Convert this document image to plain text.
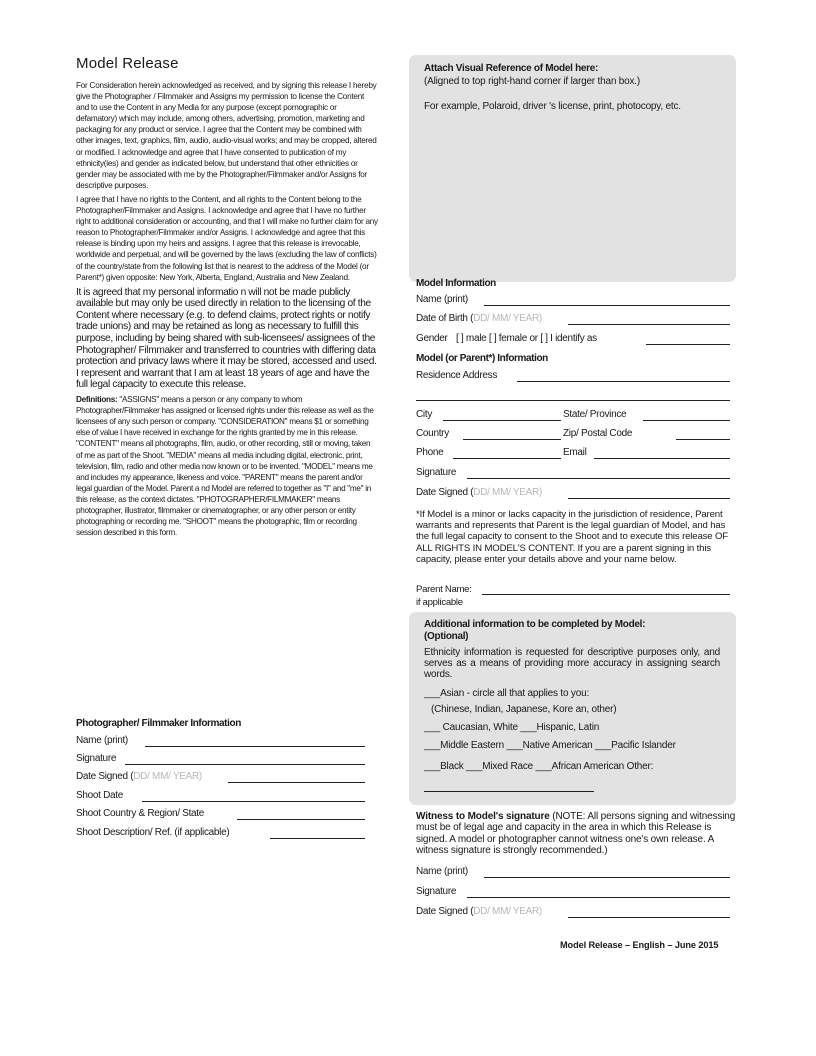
Model Release

For Consideration herein acknowledged as received, and by signing this release I hereby give the Photographer / Filmmaker and Assigns my permission to license the Content and to use the Content in any Media for any purpose (except pornographic or defamatory) which may include, among others, advertising, promotion, marketing and packaging for any product or service. I agree that the Content may be combined with other images, text, graphics, film, audio, audio-visual works; and may be cropped, altered or modified. I acknowledge and agree that I have consented to publication of my ethnicity(ies) and gender as indicated below, but understand that other ethnicities or gender may be associated with me by the Photographer/Filmmaker and/or Assigns for descriptive purposes.

I agree that I have no rights to the Content, and all rights to the Content belong to the Photographer/Filmmaker and Assigns. I acknowledge and agree that I have no further right to additional consideration or accounting, and that I will make no further claim for any reason to Photographer/Filmmaker and/or Assigns. I acknowledge and agree that this release is binding upon my heirs and assigns. I agree that this release is irrevocable, worldwide and perpetual, and will be governed by the laws (excluding the law of conflicts) of the country/state from the following list that is nearest to the address of the Model (or Parent*) given opposite: New York, Alberta, England, Australia and New Zealand.

It is agreed that my personal informatio n will not be made publicly available but may only be used directly in relation to the licensing of the Content where necessary (e.g. to defend claims, protect rights or notify trade unions) and may be retained as long as necessary to fulfill this purpose, including by being shared with sub-licensees/ assignees of the Photographer/ Filmmaker and transferred to countries with differing data protection and privacy laws where it may be stored, accessed and used. I represent and warrant that I am at least 18 years of age and have the full legal capacity to execute this release.

Definitions: "ASSIGNS" means a person or any company to whom Photographer/Filmmaker has assigned or licensed rights under this release as well as the licensees of any such person or company. "CONSIDERATION" means $1 or something else of value I have received in exchange for the rights granted by me in this release. "CONTENT" means all photographs, film, audio, or other recording, still or moving, taken of me as part of the Shoot. "MEDIA" means all media including digital, electronic, print, television, film, radio and other media now known or to be invented. "MODEL" means me and includes my appearance, likeness and voice. "PARENT" means the parent and/or legal guardian of the Model. Parent a nd Model are referred to together as "I" and "me" in this release, as the context dictates. "PHOTOGRAPHER/FILMMAKER" means photographer, illustrator, filmmaker or cinematographer, or any other person or entity photographing or recording me. "SHOOT" means the photographic, film or recording session described in this form.

Photographer/ Filmmaker Information
Name (print)
Signature
Date Signed (DD/ MM/ YEAR)
Shoot Date
Shoot Country & Region/ State
Shoot Description/ Ref. (if applicable)
Attach Visual Reference of Model here:
(Aligned to top right-hand corner if larger than box.)
For example, Polaroid, driver 's license, print, photocopy, etc.
Model Information
Name (print)
Date of Birth (DD/ MM/ YEAR)
Gender [ ] male [ ] female or [ ] I identify as
Model (or Parent*) Information
Residence Address
City	State/ Province
Country	Zip/ Postal Code
Phone	Email
Signature
Date Signed (DD/ MM/ YEAR)
*If Model is a minor or lacks capacity in the jurisdiction of residence, Parent warrants and represents that Parent is the legal guardian of Model, and has the full legal capacity to consent to the Shoot and to execute this release OF ALL RIGHTS IN MODEL'S CONTENT. If you are a parent signing in this capacity, please enter your details above and your name below.
Parent Name:
if applicable
Additional information to be completed by Model:
(Optional)
Ethnicity information is requested for descriptive purposes only, and serves as a means of providing more accuracy in assigning search words.
___Asian - circle all that applies to you:
(Chinese, Indian, Japanese, Kore an, other)
___ Caucasian, White ___Hispanic, Latin
___Middle Eastern ___Native American ___Pacific Islander
___Black ___Mixed Race ___African American Other:
Witness to Model's signature (NOTE: All persons signing and witnessing must be of legal age and capacity in the area in which this Release is signed. A model or photographer cannot witness one's own release. A witness signature is strongly recommended.)
Name (print)
Signature
Date Signed (DD/ MM/ YEAR)
Model Release – English – June 2015
